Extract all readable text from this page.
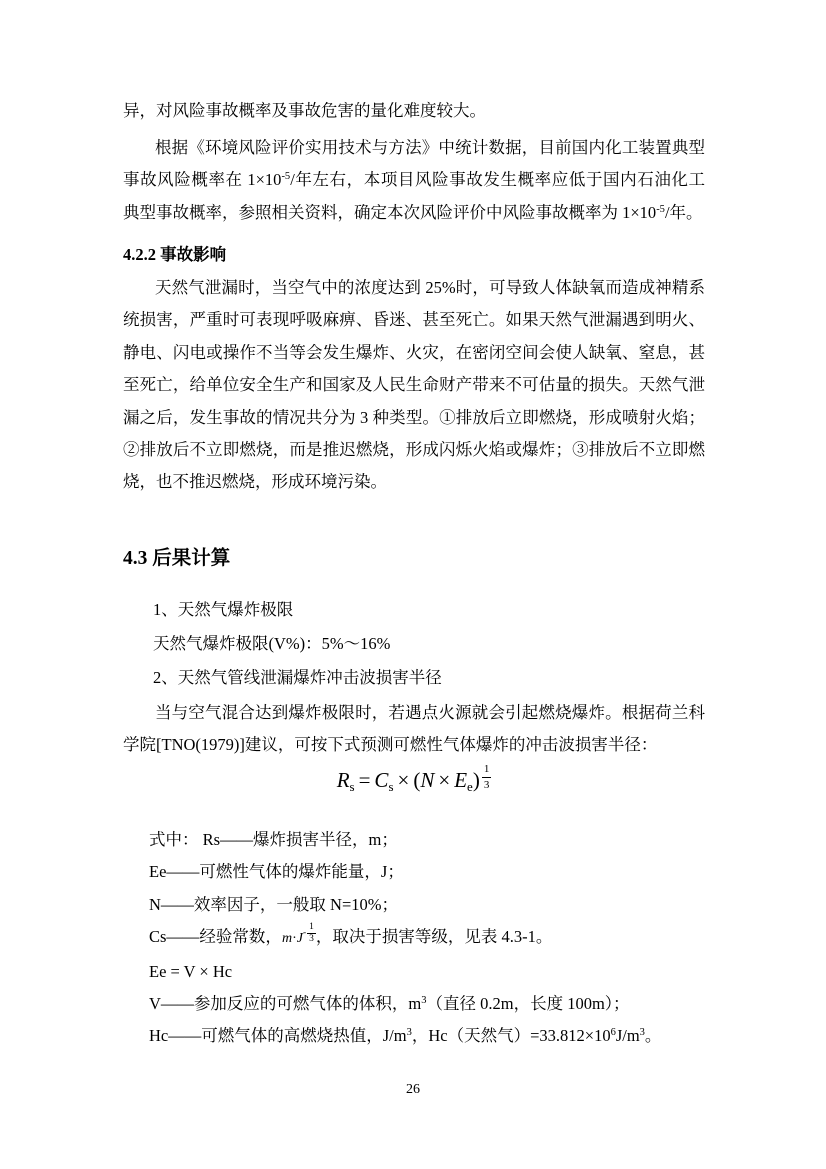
异，对风险事故概率及事故危害的量化难度较大。
根据《环境风险评价实用技术与方法》中统计数据，目前国内化工装置典型
事故风险概率在 $1\times 10^{-5}/$年左右，本项目风险事故发生概率应低于国内石油化工
典型事故概率，参照相关资料，确定本次风险评价中风险事故概率为 $1\times 10^{-5}/$年。
4.2.2 事故影响
天然气泄漏时，当空气中的浓度达到 25%时，可导致人体缺氧而造成神精系
统损害，严重时可表现呼吸麻痹、昏迷、甚至死亡。如果天然气泄漏遇到明火、
静电、闪电或操作不当等会发生爆炸、火灾，在密闭空间会使人缺氧、窒息，甚
至死亡，给单位安全生产和国家及人民生命财产带来不可估量的损失。天然气泄
漏之后，发生事故的情况共分为 3 种类型。①排放后立即燃烧，形成喷射火焰；
②排放后不立即燃烧，而是推迟燃烧，形成闪烁火焰或爆炸；③排放后不立即燃
烧，也不推迟燃烧，形成环境污染。
4.3 后果计算
1、天然气爆炸极限
天然气爆炸极限(V%)：5%～16%
2、天然气管线泄漏爆炸冲击波损害半径
当与空气混合达到爆炸极限时，若遇点火源就会引起燃烧爆炸。根据荷兰科
学院[TNO(1979)]建议，可按下式预测可燃性气体爆炸的冲击波损害半径：
$R_s = C_s \times (N \times E_e) \frac{1}{3}$
式中： Rs——爆炸损害半径，m；
Ee——可燃性气体的爆炸能量，J；
N——效率因子，一般取 N=10%；
Cs——经验常数，$m\cdot J - \frac{1}{3}$ ，取决于损害等级，见表 4.3-1。
Ee = V × Hc
V——参加反应的可燃气体的体积，$m^3$（直径 0.2m，长度 100m）；
Hc——可燃气体的高燃烧热值，$J/m^3$，Hc（天然气）$=33.812\times 10^6J/m^3$。
26
